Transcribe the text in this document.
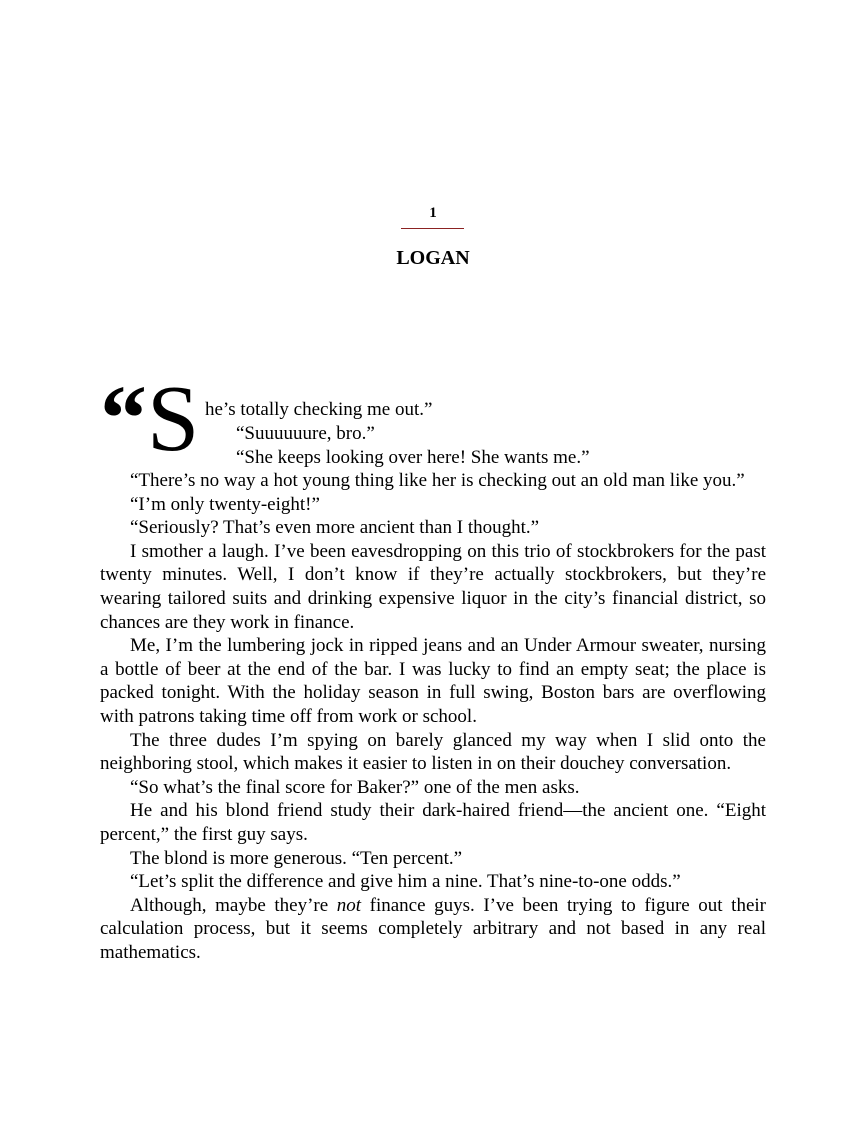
1
LOGAN
“S he’s totally checking me out.”
“Suuuuuure, bro.”
“She keeps looking over here! She wants me.”

“There’s no way a hot young thing like her is checking out an old man like you.”

“I’m only twenty-eight!”

“Seriously? That’s even more ancient than I thought.”

I smother a laugh. I’ve been eavesdropping on this trio of stockbrokers for the past twenty minutes. Well, I don’t know if they’re actually stockbrokers, but they’re wearing tailored suits and drinking expensive liquor in the city’s financial district, so chances are they work in finance.

Me, I’m the lumbering jock in ripped jeans and an Under Armour sweater, nursing a bottle of beer at the end of the bar. I was lucky to find an empty seat; the place is packed tonight. With the holiday season in full swing, Boston bars are overflowing with patrons taking time off from work or school.

The three dudes I’m spying on barely glanced my way when I slid onto the neighboring stool, which makes it easier to listen in on their douchey conversation.

“So what’s the final score for Baker?” one of the men asks.

He and his blond friend study their dark-haired friend—the ancient one. “Eight percent,” the first guy says.

The blond is more generous. “Ten percent.”

“Let’s split the difference and give him a nine. That’s nine-to-one odds.”

Although, maybe they’re not finance guys. I’ve been trying to figure out their calculation process, but it seems completely arbitrary and not based in any real mathematics.
